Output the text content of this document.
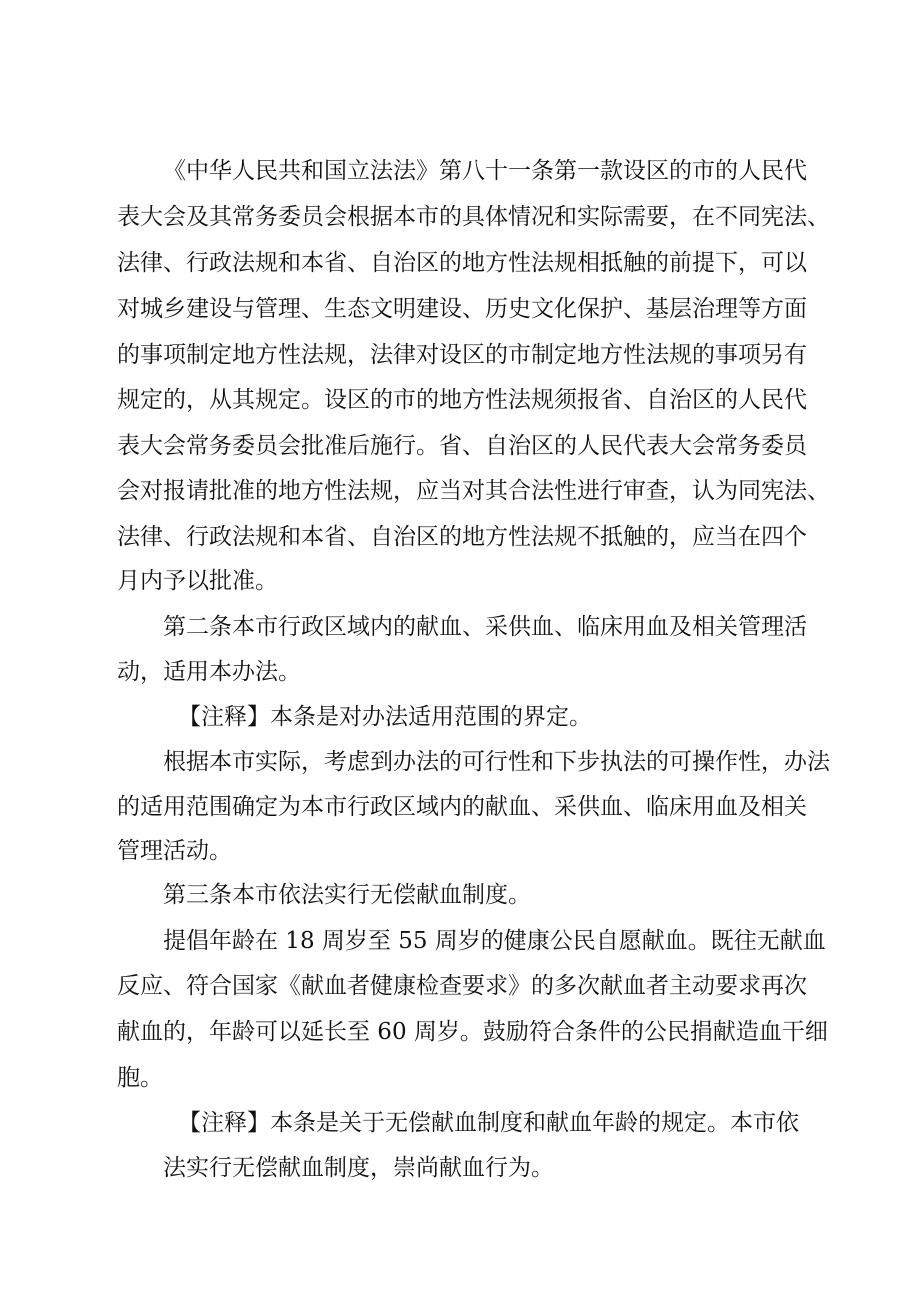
《中华人民共和国立法法》第八十一条第一款设区的市的人民代
表大会及其常务委员会根据本市的具体情况和实际需要，在不同宪法、
法律、行政法规和本省、自治区的地方性法规相抵触的前提下，可以
对城乡建设与管理、生态文明建设、历史文化保护、基层治理等方面
的事项制定地方性法规，法律对设区的市制定地方性法规的事项另有
规定的，从其规定。设区的市的地方性法规须报省、自治区的人民代
表大会常务委员会批准后施行。省、自治区的人民代表大会常务委员
会对报请批准的地方性法规，应当对其合法性进行审查，认为同宪法、
法律、行政法规和本省、自治区的地方性法规不抵触的，应当在四个
月内予以批准。
第二条本市行政区域内的献血、采供血、临床用血及相关管理活
动，适用本办法。
【注释】本条是对办法适用范围的界定。
根据本市实际，考虑到办法的可行性和下步执法的可操作性，办法
的适用范围确定为本市行政区域内的献血、采供血、临床用血及相关
管理活动。
第三条本市依法实行无偿献血制度。
提倡年龄在 18 周岁至 55 周岁的健康公民自愿献血。既往无献血
反应、符合国家《献血者健康检查要求》的多次献血者主动要求再次
献血的，年龄可以延长至 60 周岁。鼓励符合条件的公民捐献造血干细
胞。
【注释】本条是关于无偿献血制度和献血年龄的规定。本市依
法实行无偿献血制度，崇尚献血行为。
